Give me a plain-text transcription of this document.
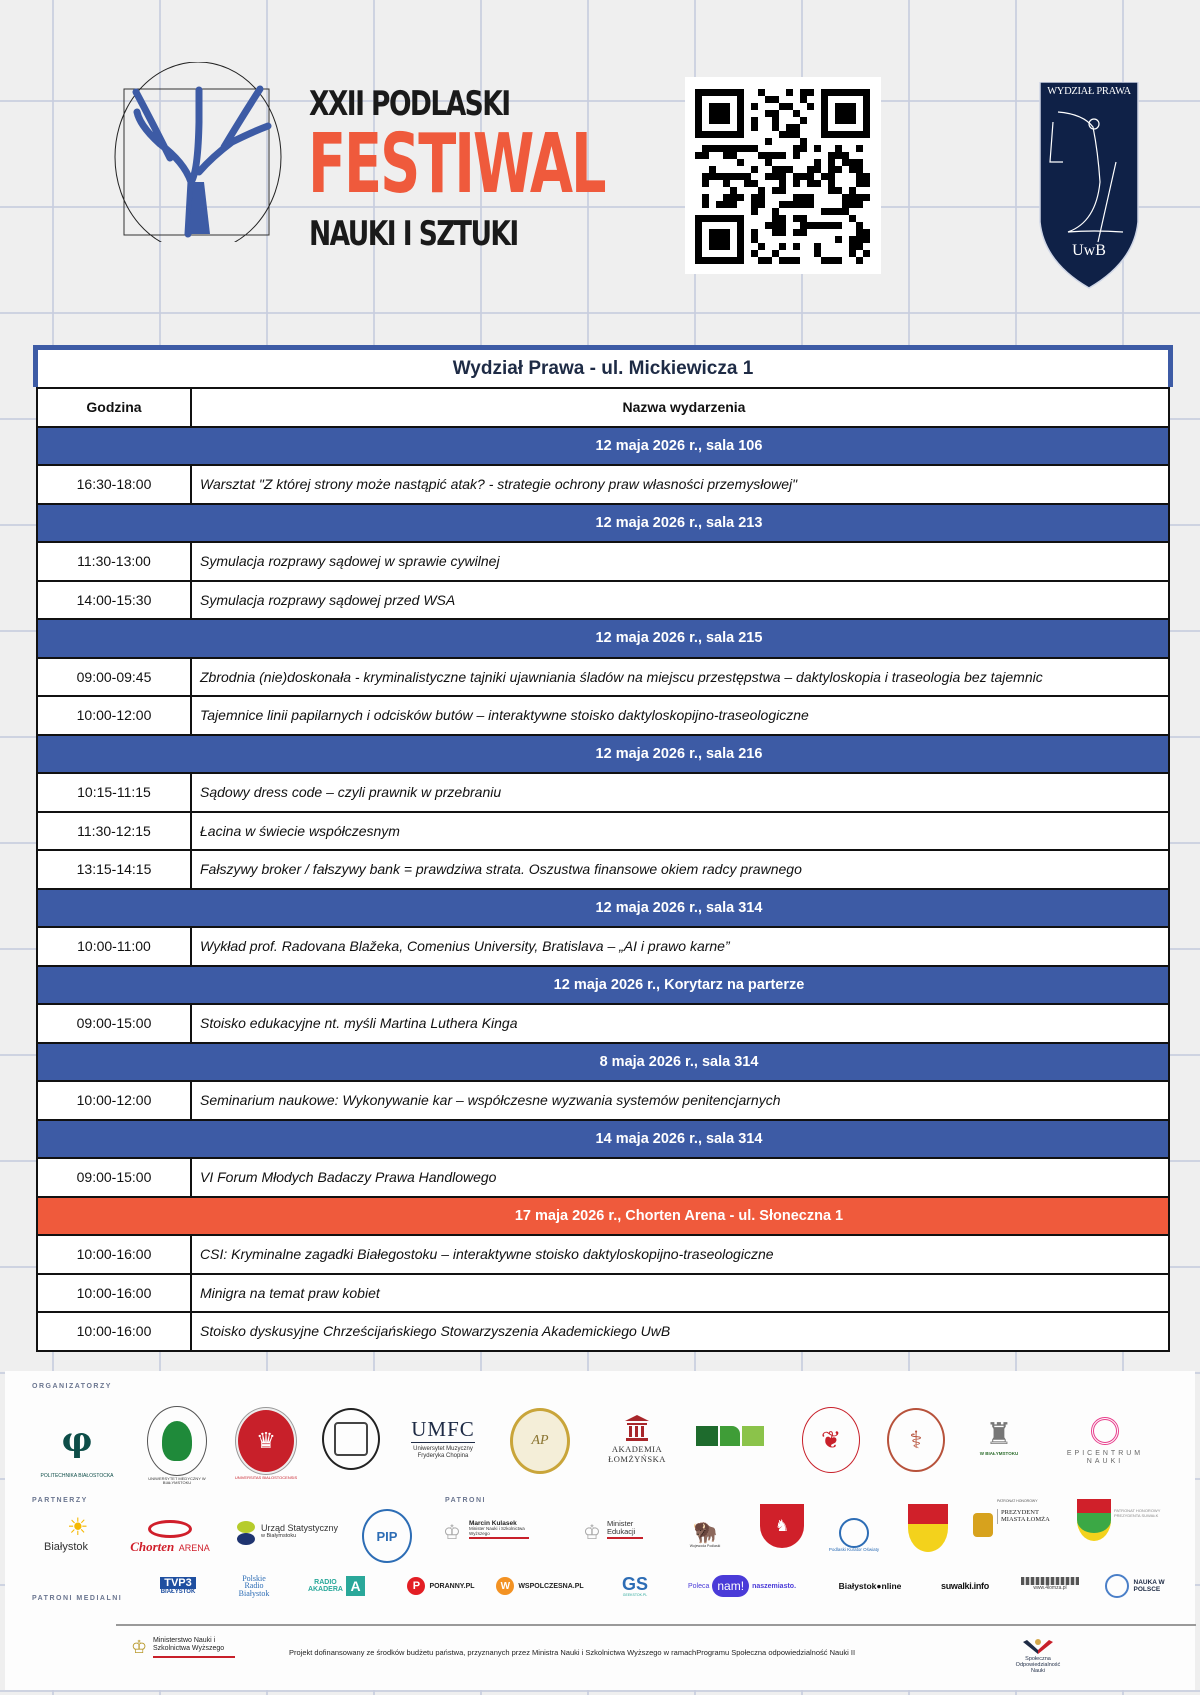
XXII PODLASKI
FESTIWAL
NAUKI I SZTUKI
WYDZIAŁ PRAWA
UwB
Wydział Prawa - ul. Mickiewicza 1
Godzina	Nazwa wydarzenia
12 maja 2026 r., sala 106
16:30-18:00	Warsztat "Z której strony może nastąpić atak? - strategie ochrony praw własności przemysłowej"
12 maja 2026 r., sala 213
11:30-13:00	Symulacja rozprawy sądowej w sprawie cywilnej
14:00-15:30	Symulacja rozprawy sądowej przed WSA
12 maja 2026 r., sala 215
09:00-09:45	Zbrodnia (nie)doskonała - kryminalistyczne tajniki ujawniania śladów na miejscu przestępstwa – daktyloskopia i traseologia bez tajemnic
10:00-12:00	Tajemnice linii papilarnych i odcisków butów – interaktywne stoisko daktyloskopijno-traseologiczne
12 maja 2026 r., sala 216
10:15-11:15	Sądowy dress code – czyli prawnik w przebraniu
11:30-12:15	Łacina w świecie współczesnym
13:15-14:15	Fałszywy broker / fałszywy bank = prawdziwa strata. Oszustwa finansowe okiem radcy prawnego
12 maja 2026 r., sala 314
10:00-11:00	Wykład prof. Radovana Blažeka, Comenius University, Bratislava – „AI i prawo karne”
12 maja 2026 r., Korytarz na parterze
09:00-15:00	Stoisko edukacyjne nt. myśli Martina Luthera Kinga
8 maja 2026 r., sala 314
10:00-12:00	Seminarium naukowe: Wykonywanie kar – współczesne wyzwania systemów penitencjarnych
14 maja 2026 r., sala 314
09:00-15:00	VI Forum Młodych Badaczy Prawa Handlowego
17 maja 2026 r., Chorten Arena - ul. Słoneczna 1
10:00-16:00	CSI: Kryminalne zagadki Białegostoku – interaktywne stoisko daktyloskopijno-traseologiczne
10:00-16:00	Minigra na temat praw kobiet
10:00-16:00	Stoisko dyskusyjne Chrześcijańskiego Stowarzyszenia Akademickiego UwB
ORGANIZATORZY
φ
POLITECHNIKA BIAŁOSTOCKA	UNIWERSYTET MEDYCZNY W BIAŁYMSTOKU
♛
UNIVERSITAS BIALOSTOCENSIS
UMFC
Uniwersytet Muzyczny Fryderyka Chopina
AP
AKADEMIA ŁOMŻYŃSKA
❦	⚕ ♜
W BIAŁYMSTOKU	EPICENTRUM NAUKI
PARTNERZY	PATRONI
☀
Białystok	Chorten ARENA
Urząd Statystyczny
w Białymstoku	PIP ♔ Marcin Kulasek
Minister Nauki i Szkolnictwa Wyższego	♔ Minister Edukacji	🦬
Wojewoda Podlaski
♞
Podlaski Kurator Oświaty
PATRONAT HONOROWY
PREZYDENT MIASTA ŁOMŻA
PATRONAT HONOROWY PREZYDENTA SUWAŁK
PATRONI MEDIALNI
TVP3
BIAŁYSTOK
Polskie Radio Białystok
RADIO AKADERA A	P	PORANNY.PL	W	WSPOLCZESNA.PL GS
GEEKSTOK.PL
Poleca nam!	naszemiasto.	Białystok●nline	suwalki.info	www.4lomza.pl
NAUKA W POLSCE
♔ Ministerstwo Nauki i Szkolnictwa Wyższego	Projekt dofinansowany ze środków budżetu państwa, przyznanych przez Ministra Nauki i Szkolnictwa Wyższego w ramachProgramu Społeczna odpowiedzialność Nauki II
Społeczna Odpowiedzialność Nauki
